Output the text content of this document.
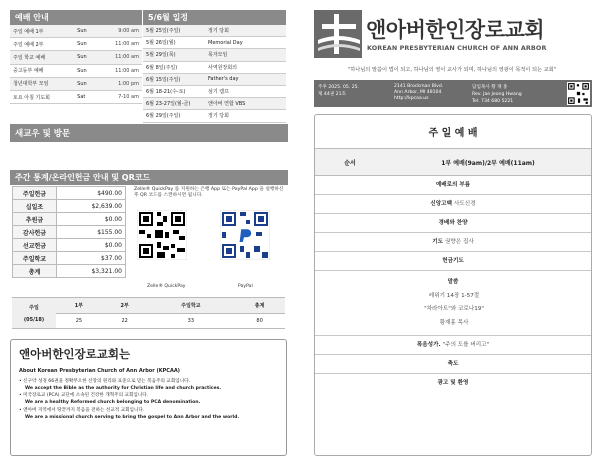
예배 안내
주일 예배 1부	Sun	9:00 am
주일 예배 2부	Sun	11:00 am
주일 학교 예배	Sun	11:00 am
중고등부 예배	Sun	11:00 am
청년대학부 모임	Sun	1:00 pm
토요 아침 기도회	Sat	7-10 am
5/6월 일정
5월 25일(주일)	정기 당회
5월 26일(월)	Memorial Day
5월 29일(목)	목자모임
6월 8일(주일)	사역원장회의
6월 15일(주일)	Father's day
6월 18-21(수-토)	섬기 캠프
6월 23-27일(월-금)	앤아버 연합 VBS
6월 29일(주일)	정기 당회
앤아버한인장로교회
KOREAN PRESBYTERIAN CHURCH OF ANN ARBOR
"하나님의 말씀이 법이 되고, 하나님의 영이 교사가 되며, 하나님의 영광이 목적이 되는 교회"
주후 2025. 05. 25.
제 44권 21호
2141 Brockman Blvd.
Ann Arbor, MI 48104
http://kpcaa.us
담임목사 황 재 홍
Rev. Jae Jeong Hwang
Tel. 734 680 5221
새교우 및 방문
주간 통계/온라인헌금 안내 및 QR코드
주일헌금	$490.00
십일조	$2,639.00
추원금	$0.00
감사헌금	$155.00
선교헌금	$0.00
주일학교	$37.00
총계	$3,321.00
Zelle® QuickPay 를 지원하는 은행 App 또는 PayPal App 을 실행하신 후 QR 코드를 스캔하시면 됩니다.
Zelle® QuickPay	PayPal
주일
(05/18)	1부	2부	주일학교	총계
	25	22	33	80
앤아버한인장로교회는
About Korean Presbyterian Church of Ann Arbor (KPCAA)
• 신구약 성경 66권을 정확무오한 신앙의 원리와 표준으로 믿는 복음주의 교회입니다.
We accept the Bible as the authority for Christian life and church practices.
• 미국장로교 (PCA) 교단에 소속된 건강한 개혁주의 교회입니다.
We are a healthy Reformed church belonging to PCA denomination.
• 앤아버 지역에서 땅끝까지 복음을 전하는 선교적 교회입니다.
We are a missional church serving to bring the gospel to Ann Arbor and the world.
주 일 예 배
순서	1부 예배(9am)/2부 예배(11am)
예배로의 부름
신앙고백 사도신경
경배와 찬양
기도 권향은 집사
헌금기도
말씀
레위기 14장 1-57절
"차라아트"와 코로나19"
황재홍 목사
폭음성가. "주의 도를 버리고"
축도
광고 및 환영
